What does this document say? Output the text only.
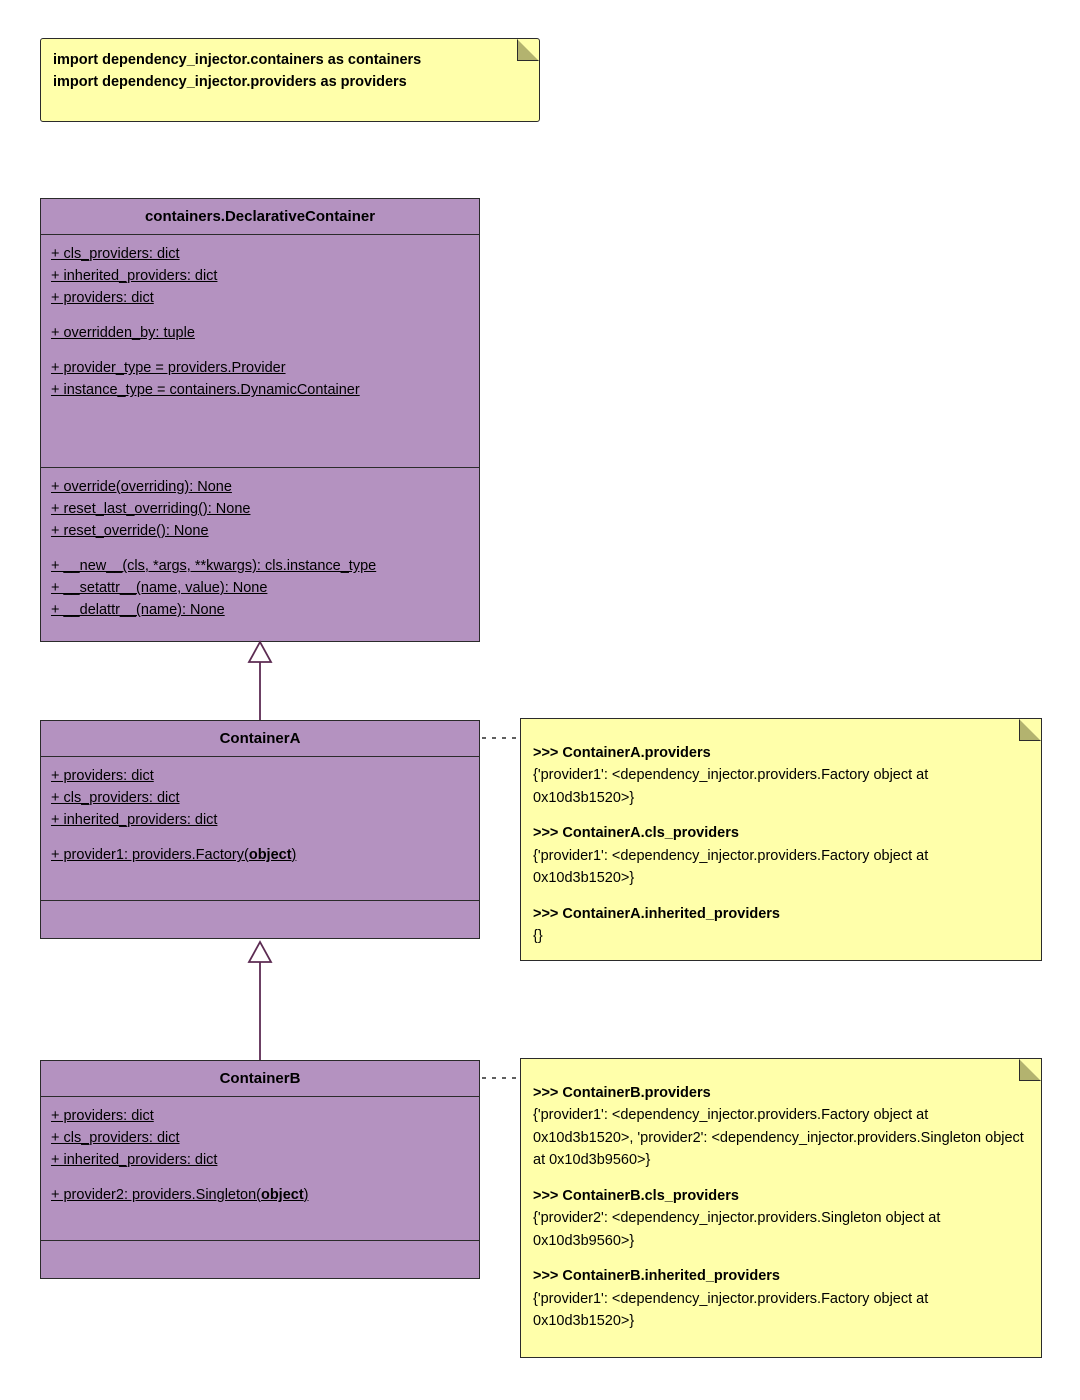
import dependency_injector.containers as containers
import dependency_injector.providers as providers
containers.DeclarativeContainer
+ cls_providers: dict
+ inherited_providers: dict
+ providers: dict
+ overridden_by: tuple
+ provider_type = providers.Provider
+ instance_type = containers.DynamicContainer
+ override(overriding): None
+ reset_last_overriding(): None
+ reset_override(): None
+ __new__(cls, *args, **kwargs): cls.instance_type
+ __setattr__(name, value): None
+ __delattr__(name): None
ContainerA
+ providers: dict
+ cls_providers: dict
+ inherited_providers: dict
+ provider1: providers.Factory(object)
ContainerB
+ providers: dict
+ cls_providers: dict
+ inherited_providers: dict
+ provider2: providers.Singleton(object)
>>> ContainerA.providers
{'provider1': <dependency_injector.providers.Factory object at 0x10d3b1520>}
>>> ContainerA.cls_providers
{'provider1': <dependency_injector.providers.Factory object at 0x10d3b1520>}
>>> ContainerA.inherited_providers
{}
>>> ContainerB.providers
{'provider1': <dependency_injector.providers.Factory object at 0x10d3b1520>, 'provider2': <dependency_injector.providers.Singleton object at 0x10d3b9560>}
>>> ContainerB.cls_providers
{'provider2': <dependency_injector.providers.Singleton object at 0x10d3b9560>}
>>> ContainerB.inherited_providers
{'provider1': <dependency_injector.providers.Factory object at 0x10d3b1520>}
